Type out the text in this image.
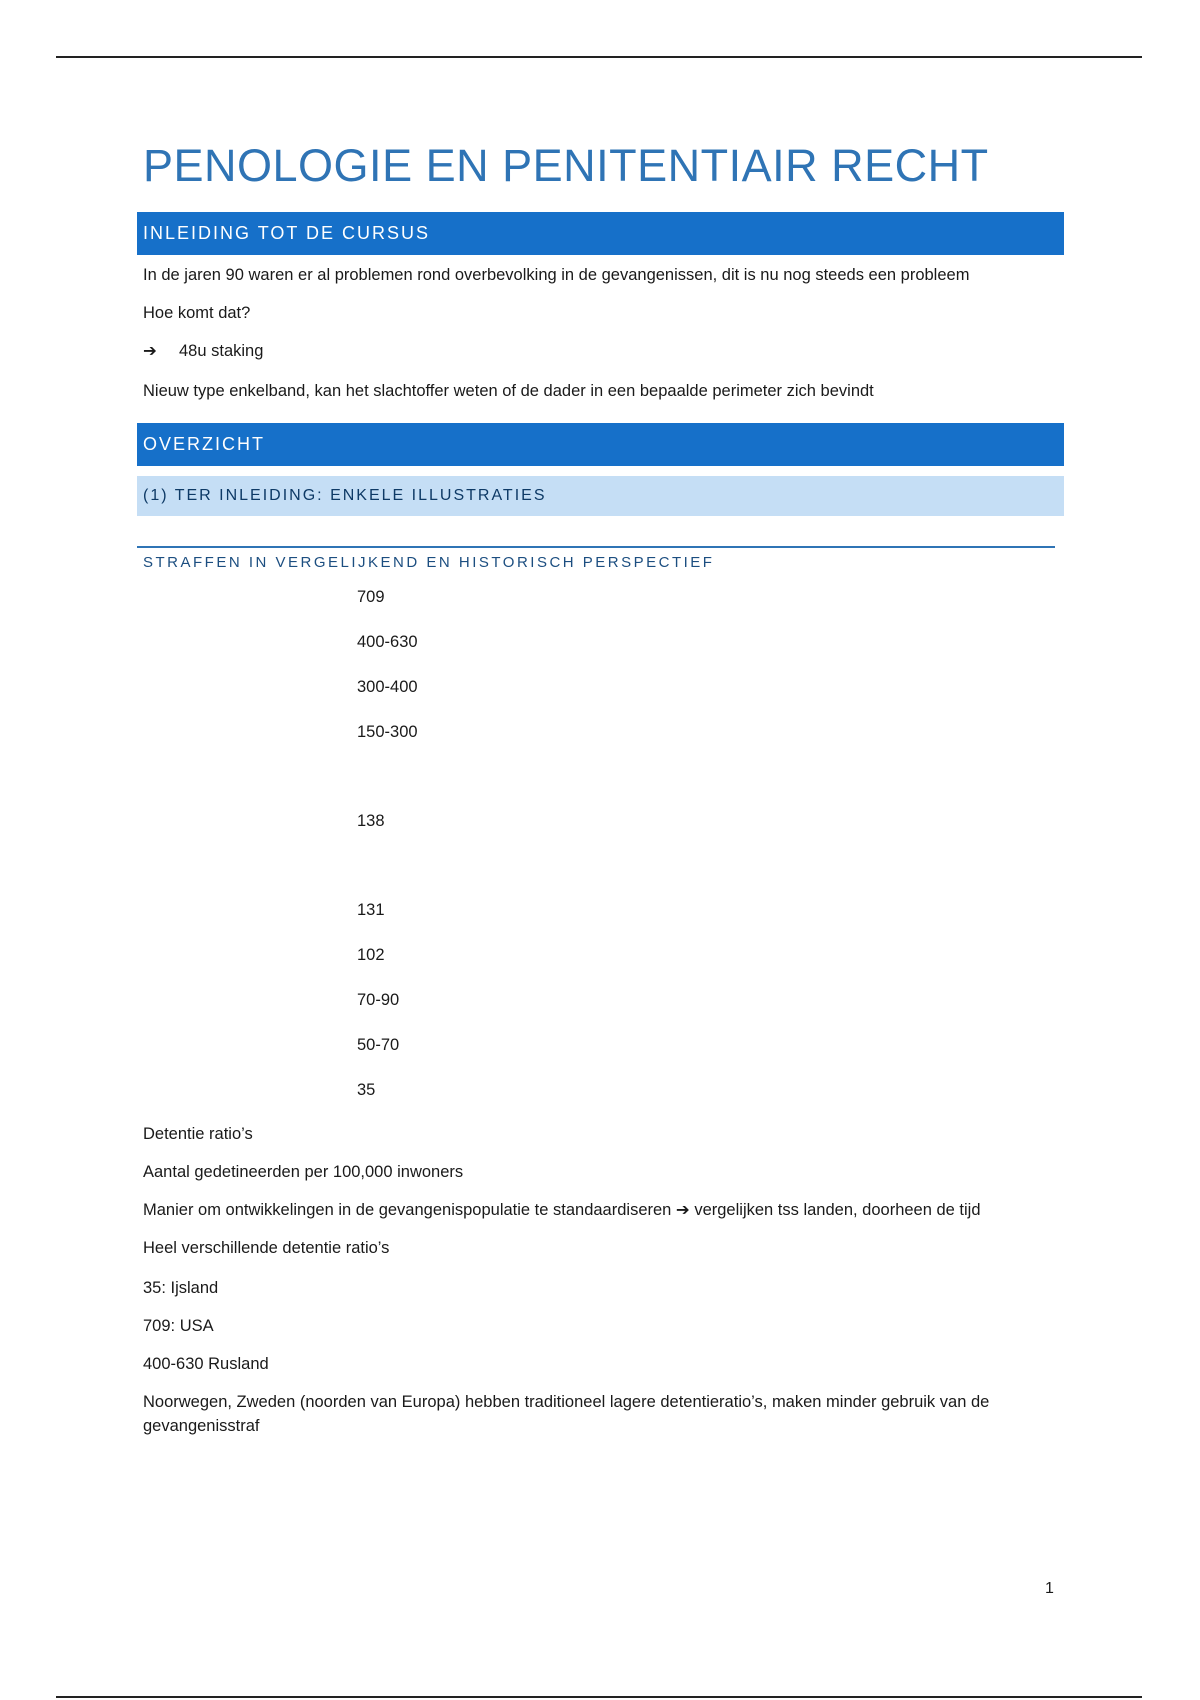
PENOLOGIE EN PENITENTIAIR RECHT
INLEIDING TOT DE CURSUS

In de jaren 90 waren er al problemen rond overbevolking in de gevangenissen, dit is nu nog steeds een probleem

Hoe komt dat?

➔ 48u staking

Nieuw type enkelband, kan het slachtoffer weten of de dader in een bepaalde perimeter zich bevindt

OVERZICHT
(1) TER INLEIDING: ENKELE ILLUSTRATIES
STRAFFEN IN VERGELIJKEND EN HISTORISCH PERSPECTIEF
709
400-630
300-400
150-300
138
131
102
70-90
50-70
35

Detentie ratio’s

Aantal gedetineerden per 100,000 inwoners

Manier om ontwikkelingen in de gevangenispopulatie te standaardiseren ➔ vergelijken tss landen, doorheen de tijd

Heel verschillende detentie ratio’s

35: Ijsland

709: USA

400-630 Rusland

Noorwegen, Zweden (noorden van Europa) hebben traditioneel lagere detentieratio’s, maken minder gebruik van de gevangenisstraf

1
